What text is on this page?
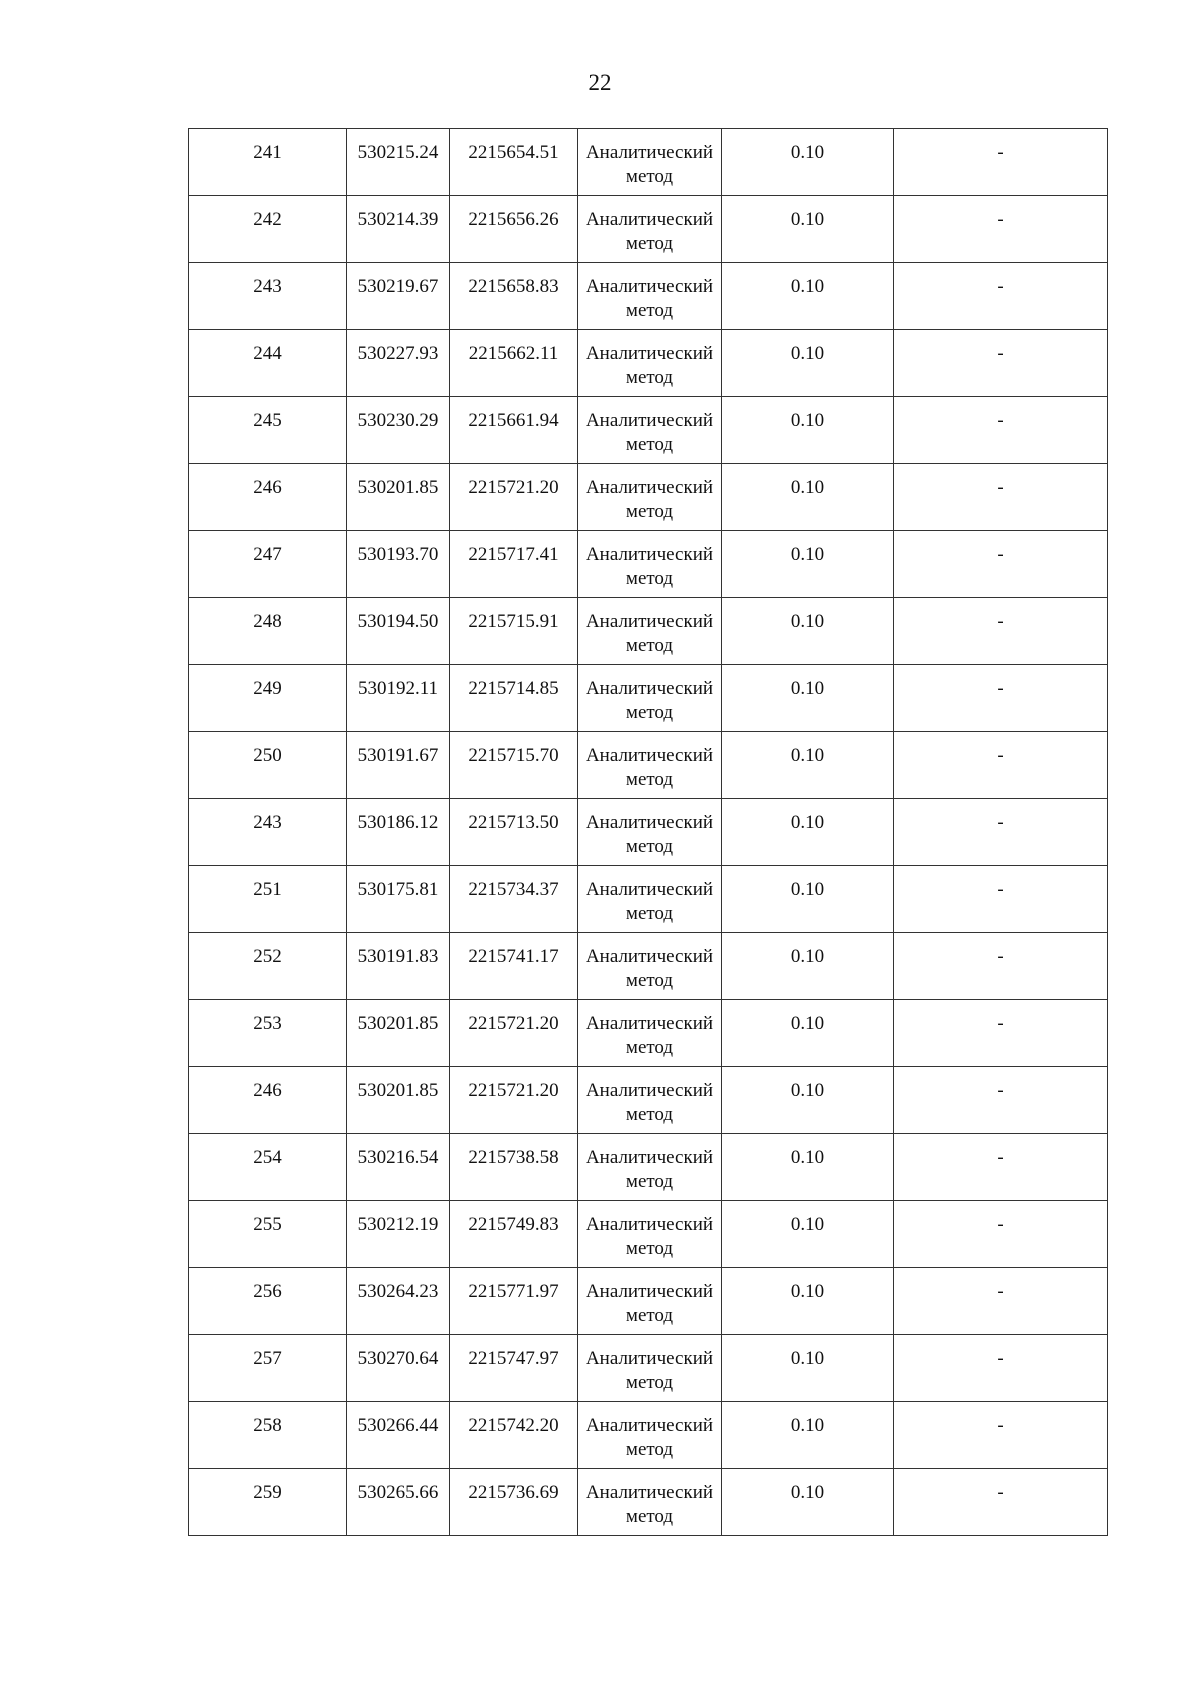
22
241	530215.24	2215654.51	Аналитический метод	0.10	-
242	530214.39	2215656.26	Аналитический метод	0.10	-
243	530219.67	2215658.83	Аналитический метод	0.10	-
244	530227.93	2215662.11	Аналитический метод	0.10	-
245	530230.29	2215661.94	Аналитический метод	0.10	-
246	530201.85	2215721.20	Аналитический метод	0.10	-
247	530193.70	2215717.41	Аналитический метод	0.10	-
248	530194.50	2215715.91	Аналитический метод	0.10	-
249	530192.11	2215714.85	Аналитический метод	0.10	-
250	530191.67	2215715.70	Аналитический метод	0.10	-
243	530186.12	2215713.50	Аналитический метод	0.10	-
251	530175.81	2215734.37	Аналитический метод	0.10	-
252	530191.83	2215741.17	Аналитический метод	0.10	-
253	530201.85	2215721.20	Аналитический метод	0.10	-
246	530201.85	2215721.20	Аналитический метод	0.10	-
254	530216.54	2215738.58	Аналитический метод	0.10	-
255	530212.19	2215749.83	Аналитический метод	0.10	-
256	530264.23	2215771.97	Аналитический метод	0.10	-
257	530270.64	2215747.97	Аналитический метод	0.10	-
258	530266.44	2215742.20	Аналитический метод	0.10	-
259	530265.66	2215736.69	Аналитический метод	0.10	-
